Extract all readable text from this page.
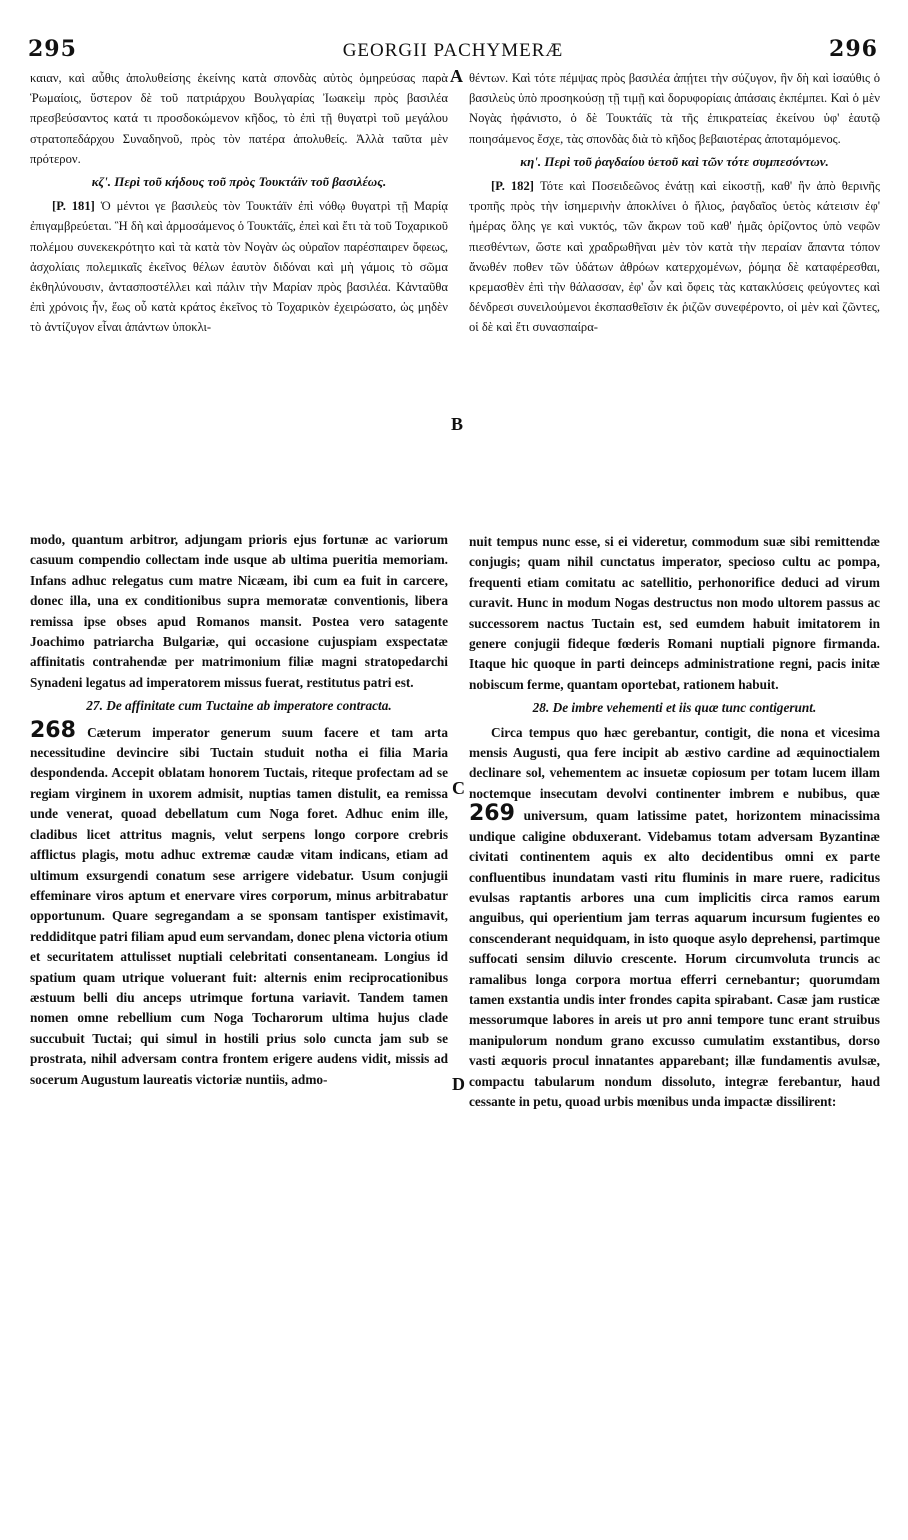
295	GEORGII PACHYMERÆ	296

καιαν, καὶ αὖθις ἀπολυθείσης ἐκείνης κατὰ σπονδὰς αὐτὸς ὁμηρεύσας παρὰ Ῥωμαίοις, ὕστερον δὲ τοῦ πατριάρχου Βουλγαρίας Ἰωακεὶμ πρὸς βασιλέα πρεσβεύσαντος κατά τι προσδοκώμενον κῆδος, τὸ ἐπὶ τῇ θυγατρὶ τοῦ μεγάλου στρατοπεδάρχου Συναδηνοῦ, πρὸς τὸν πατέρα ἀπολυθείς. Ἀλλὰ ταῦτα μὲν πρότερον.

κζ'. Περὶ τοῦ κήδους τοῦ πρὸς Τουκτάϊν τοῦ βασιλέως.

[P. 181] Ὁ μέντοι γε βασιλεὺς τὸν Τουκτάϊν ἐπὶ νόθῳ θυγατρὶ τῇ Μαρίᾳ ἐπιγαμβρεύεται. Ἣ δὴ καὶ ἁρμοσάμενος ὁ Τουκτάϊς, ἐπεὶ καὶ ἔτι τὰ τοῦ Τοχαρικοῦ πολέμου συνεκεκρότητο καὶ τὰ κατὰ τὸν Νογὰν ὡς οὐραῖον παρέσπαιρεν ὄφεως, ἀσχολίαις πολεμικαῖς ἐκεῖνος θέλων ἑαυτὸν διδόναι καὶ μὴ γάμοις τὸ σῶμα ἐκθηλύνουσιν, ἀντασποστέλλει καὶ πάλιν τὴν Μαρίαν πρὸς βασιλέα. Κἀνταῦθα ἐπὶ χρόνοις ἦν, ἕως οὗ κατὰ κράτος ἐκεῖνος τὸ Τοχαρικὸν ἐχειρώσατο, ὡς μηδὲν τὸ ἀντίζυγον εἶναι ἁπάντων ὑποκλι-

θέντων. Καὶ τότε πέμψας πρὸς βασιλέα ἀπῄτει τὴν σύζυγον, ἣν δὴ καὶ ἰσαύθις ὁ βασιλεὺς ὑπὸ προσηκούσῃ τῇ τιμῇ καὶ δορυφορίαις ἁπάσαις ἐκπέμπει. Καὶ ὁ μὲν Νογὰς ἠφάνιστο, ὁ δὲ Τουκτάϊς τὰ τῆς ἐπικρατείας ἐκείνου ὑφ' ἑαυτῷ ποιησάμενος ἔσχε, τὰς σπονδὰς διὰ τὸ κῆδος βεβαιοτέρας ἀποταμόμενος.

κη'. Περὶ τοῦ ῥαγδαίου ὑετοῦ καὶ τῶν τότε συμπεσόντων.

[P. 182] Τότε καὶ Ποσειδεῶνος ἐνάτῃ καὶ εἰκοστῇ, καθ' ἣν ἀπὸ θερινῆς τροπῆς πρὸς τὴν ἰσημερινὴν ἀποκλίνει ὁ ἥλιος, ῥαγδαῖος ὑετὸς κάτεισιν ἐφ' ἡμέρας ὅλης γε καὶ νυκτός, τῶν ἄκρων τοῦ καθ' ἡμᾶς ὁρίζοντος ὑπὸ νεφῶν πιεσθέντων, ὥστε καὶ χραδρωθῆναι μὲν τὸν κατὰ τὴν περαίαν ἅπαντα τόπον ἄνωθέν ποθεν τῶν ὑδάτων ἀθρόων κατερχομένων, ῥόμηα δὲ καταφέρεσθαι, κρεμασθὲν ἐπὶ τὴν θάλασσαν, ἐφ' ὧν καὶ ὄφεις τὰς κατακλύσεις φεύγοντες καὶ δένδρεσι συνειλούμενοι ἐκσπασθεῖσιν ἐκ ῥιζῶν συνεφέροντο, οἱ μὲν καὶ ζῶντες, οἱ δὲ καὶ ἔτι συνασπαίρα-

modo, quantum arbitror, adjungam prioris ejus fortunæ ac variorum casuum compendio collectam inde usque ab ultima pueritia memoriam. Infans adhuc relegatus cum matre Nicæam, ibi cum ea fuit in carcere, donec illa, una ex conditionibus supra memoratæ conventionis, libera remissa ipse obses apud Romanos mansit. Postea vero satagente Joachimo patriarcha Bulgariæ, qui occasione cujuspiam exspectatæ affinitatis contrahendæ per matrimonium filiæ magni stratopedarchi Synadeni legatus ad imperatorem missus fuerat, restitutus patri est.

27. De affinitate cum Tuctaine ab imperatore contracta.

268 Cæterum imperator generum suum facere et tam arta necessitudine devincire sibi Tuctain studuit notha ei filia Maria despondenda. Accepit oblatam honorem Tuctais, riteque profectam ad se regiam virginem in uxorem admisit, nuptias tamen distulit, ea remissa unde venerat, quoad debellatum cum Noga foret. Adhuc enim ille, cladibus licet attritus magnis, velut serpens longo corpore crebris afflictus plagis, motu adhuc extremæ caudæ vitam indicans, etiam ad ultimum exsurgendi conatum sese arrigere videbatur. Usum conjugii effeminare viros aptum et enervare vires corporum, minus arbitrabatur opportunum. Quare segregandam a se sponsam tantisper existimavit, reddiditque patri filiam apud eum servandam, donec plena victoria otium et securitatem attulisset nuptiali celebritati consentaneam. Longius id spatium quam utrique voluerant fuit: alternis enim reciprocationibus æstuum belli diu anceps utrimque fortuna variavit. Tandem tamen nomen omne rebellium cum Noga Tocharorum ultima hujus clade succubuit Tuctai; qui simul in hostili prius solo cuncta jam sub se prostrata, nihil adversam contra frontem erigere audens vidit, missis ad socerum Augustum laureatis victoriæ nuntiis, admo-

nuit tempus nunc esse, si ei videretur, commodum suæ sibi remittendæ conjugis; quam nihil cunctatus imperator, specioso cultu ac pompa, frequenti etiam comitatu ac satellitio, perhonorifice deduci ad virum curavit. Hunc in modum Nogas destructus non modo ultorem passus ac successorem nactus Tuctain est, sed eumdem habuit imitatorem in genere conjugii fideque fœderis Romani nuptiali pignore firmanda. Itaque hic quoque in parti deinceps administratione regni, pacis initæ nobiscum ferme, quantam oportebat, rationem habuit.

28. De imbre vehementi et iis quæ tunc contigerunt.

Circa tempus quo hæc gerebantur, contigit, die nona et vicesima mensis Augusti, qua fere incipit ab æstivo cardine ad æquinoctialem declinare sol, vehementem ac insuetæ copiosum per totam lucem illam noctemque insecutam devolvi continenter imbrem e nubibus, quæ 269 universum, quam latissime patet, horizontem minacissima undique caligine obduxerant. Videbamus totam adversam Byzantinæ civitati continentem aquis ex alto decidentibus omni ex parte confluentibus inundatam vasti ritu fluminis in mare ruere, radicitus evulsas raptantis arbores una cum implicitis circa ramos earum anguibus, qui operientium jam terras aquarum incursum fugientes eo conscenderant nequidquam, in isto quoque asylo deprehensi, partimque suffocati sensim diluvio crescente. Horum circumvoluta truncis ac ramalibus longa corpora mortua efferri cernebantur; quorumdam tamen exstantia undis inter frondes capita spirabant. Casæ jam rusticæ messorumque labores in areis ut pro anni tempore tunc erant struibus manipulorum nondum grano excusso cumulatim exstantibus, dorso vasti æquoris procul innatantes apparebant; illæ fundamentis avulsæ, compactu tabularum nondum dissoluto, integræ ferebantur, haud cessante in petu, quoad urbis mœnibus unda impactæ dissilirent:

A
B
C
D
